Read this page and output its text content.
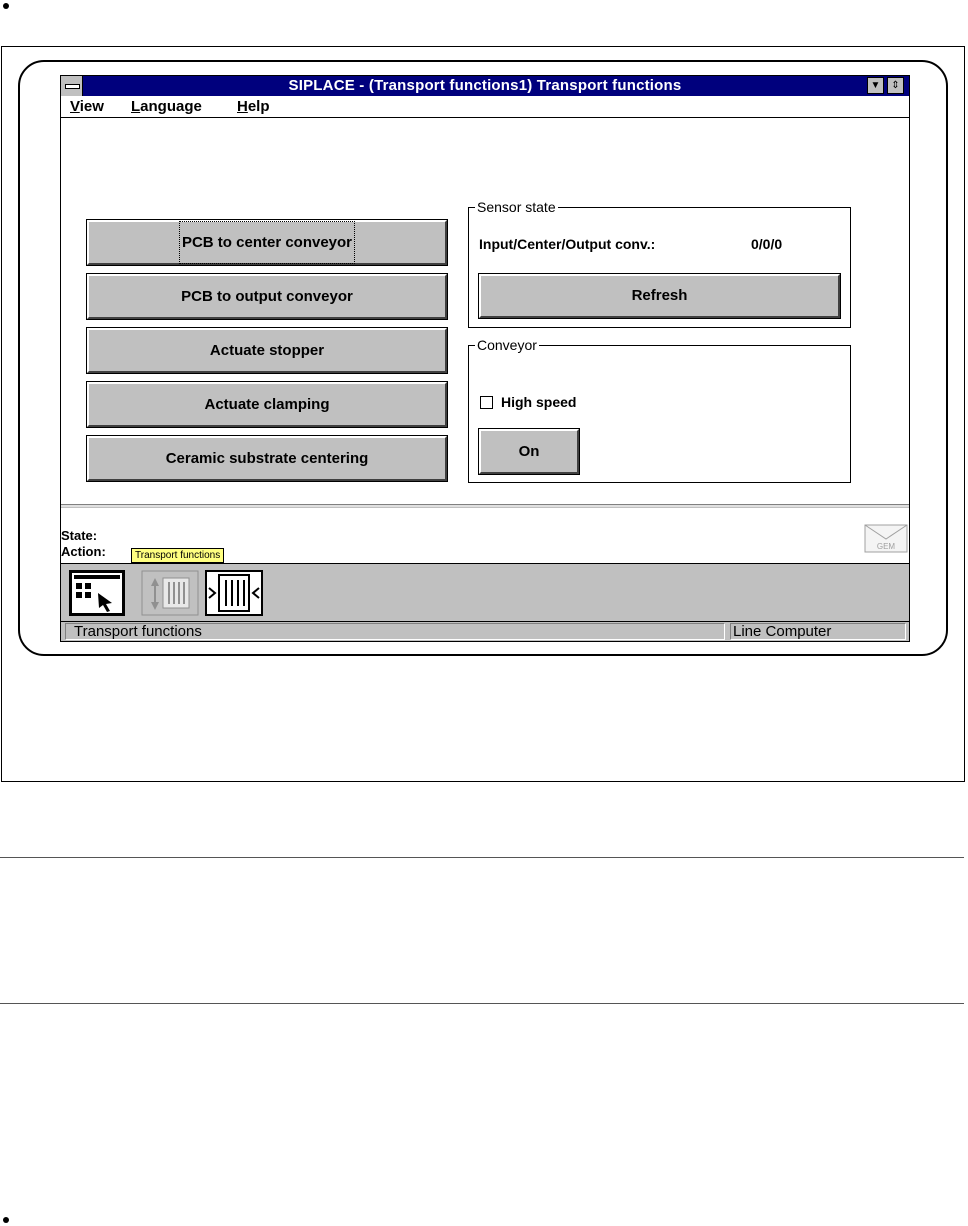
SIPLACE - (Transport functions1) Transport functions	▼	⇕
View Language Help
PCB to center conveyor
PCB to output conveyor
Actuate stopper
Actuate clamping
Ceramic substrate centering
Sensor state
Input/Center/Output conv.:	0/0/0
Refresh
Conveyor
High speed
On
State:
Action:	Transport functions
GEM
Transport functions	Line Computer
